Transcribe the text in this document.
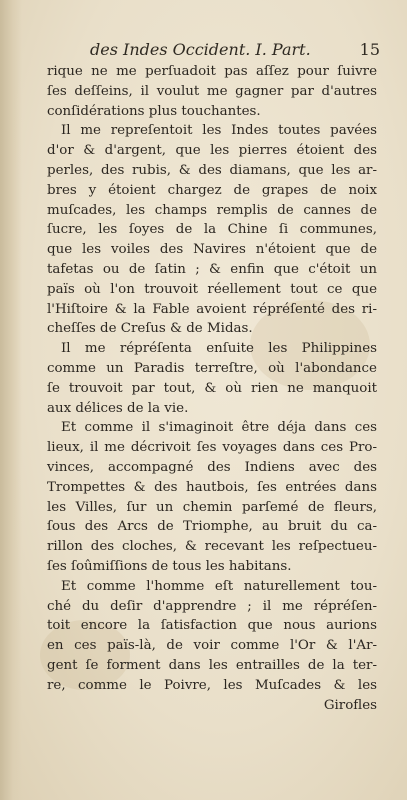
des Indes Occident. I. Part.	15
rique ne me perſuadoit pas aſſez pour ſuivre
ſes deſſeins, il voulut me gagner par d'autres
conſidérations plus touchantes.
Il me repreſentoit les Indes toutes pavées
d'or & d'argent, que les pierres étoient des
perles, des rubis, & des diamans, que les ar-
bres y étoient chargez de grapes de noix
muſcades, les champs remplis de cannes de
ſucre, les ſoyes de la Chine ſi communes,
que les voiles des Navires n'étoient que de
tafetas ou de ſatin ; & enfin que c'étoit un
païs où l'on trouvoit réellement tout ce que
l'Hiſtoire & la Fable avoient répréſenté des ri-
cheſſes de Creſus & de Midas.
Il me répréſenta enſuite les Philippines
comme un Paradis terreſtre, où l'abondance
ſe trouvoit par tout, & où rien ne manquoit
aux délices de la vie.
Et comme il s'imaginoit être déja dans ces
lieux, il me décrivoit ſes voyages dans ces Pro-
vinces, accompagné des Indiens avec des
Trompettes & des hautbois, ſes entrées dans
les Villes, ſur un chemin parſemé de fleurs,
ſous des Arcs de Triomphe, au bruit du ca-
rillon des cloches, & recevant les reſpectueu-
ſes ſoûmiſſions de tous les habitans.
Et comme l'homme eſt naturellement tou-
ché du deſir d'apprendre ; il me répréſen-
toit encore la ſatisfaction que nous aurions
en ces païs-là, de voir comme l'Or & l'Ar-
gent ſe forment dans les entrailles de la ter-
re, comme le Poivre, les Muſcades & les
Girofles
